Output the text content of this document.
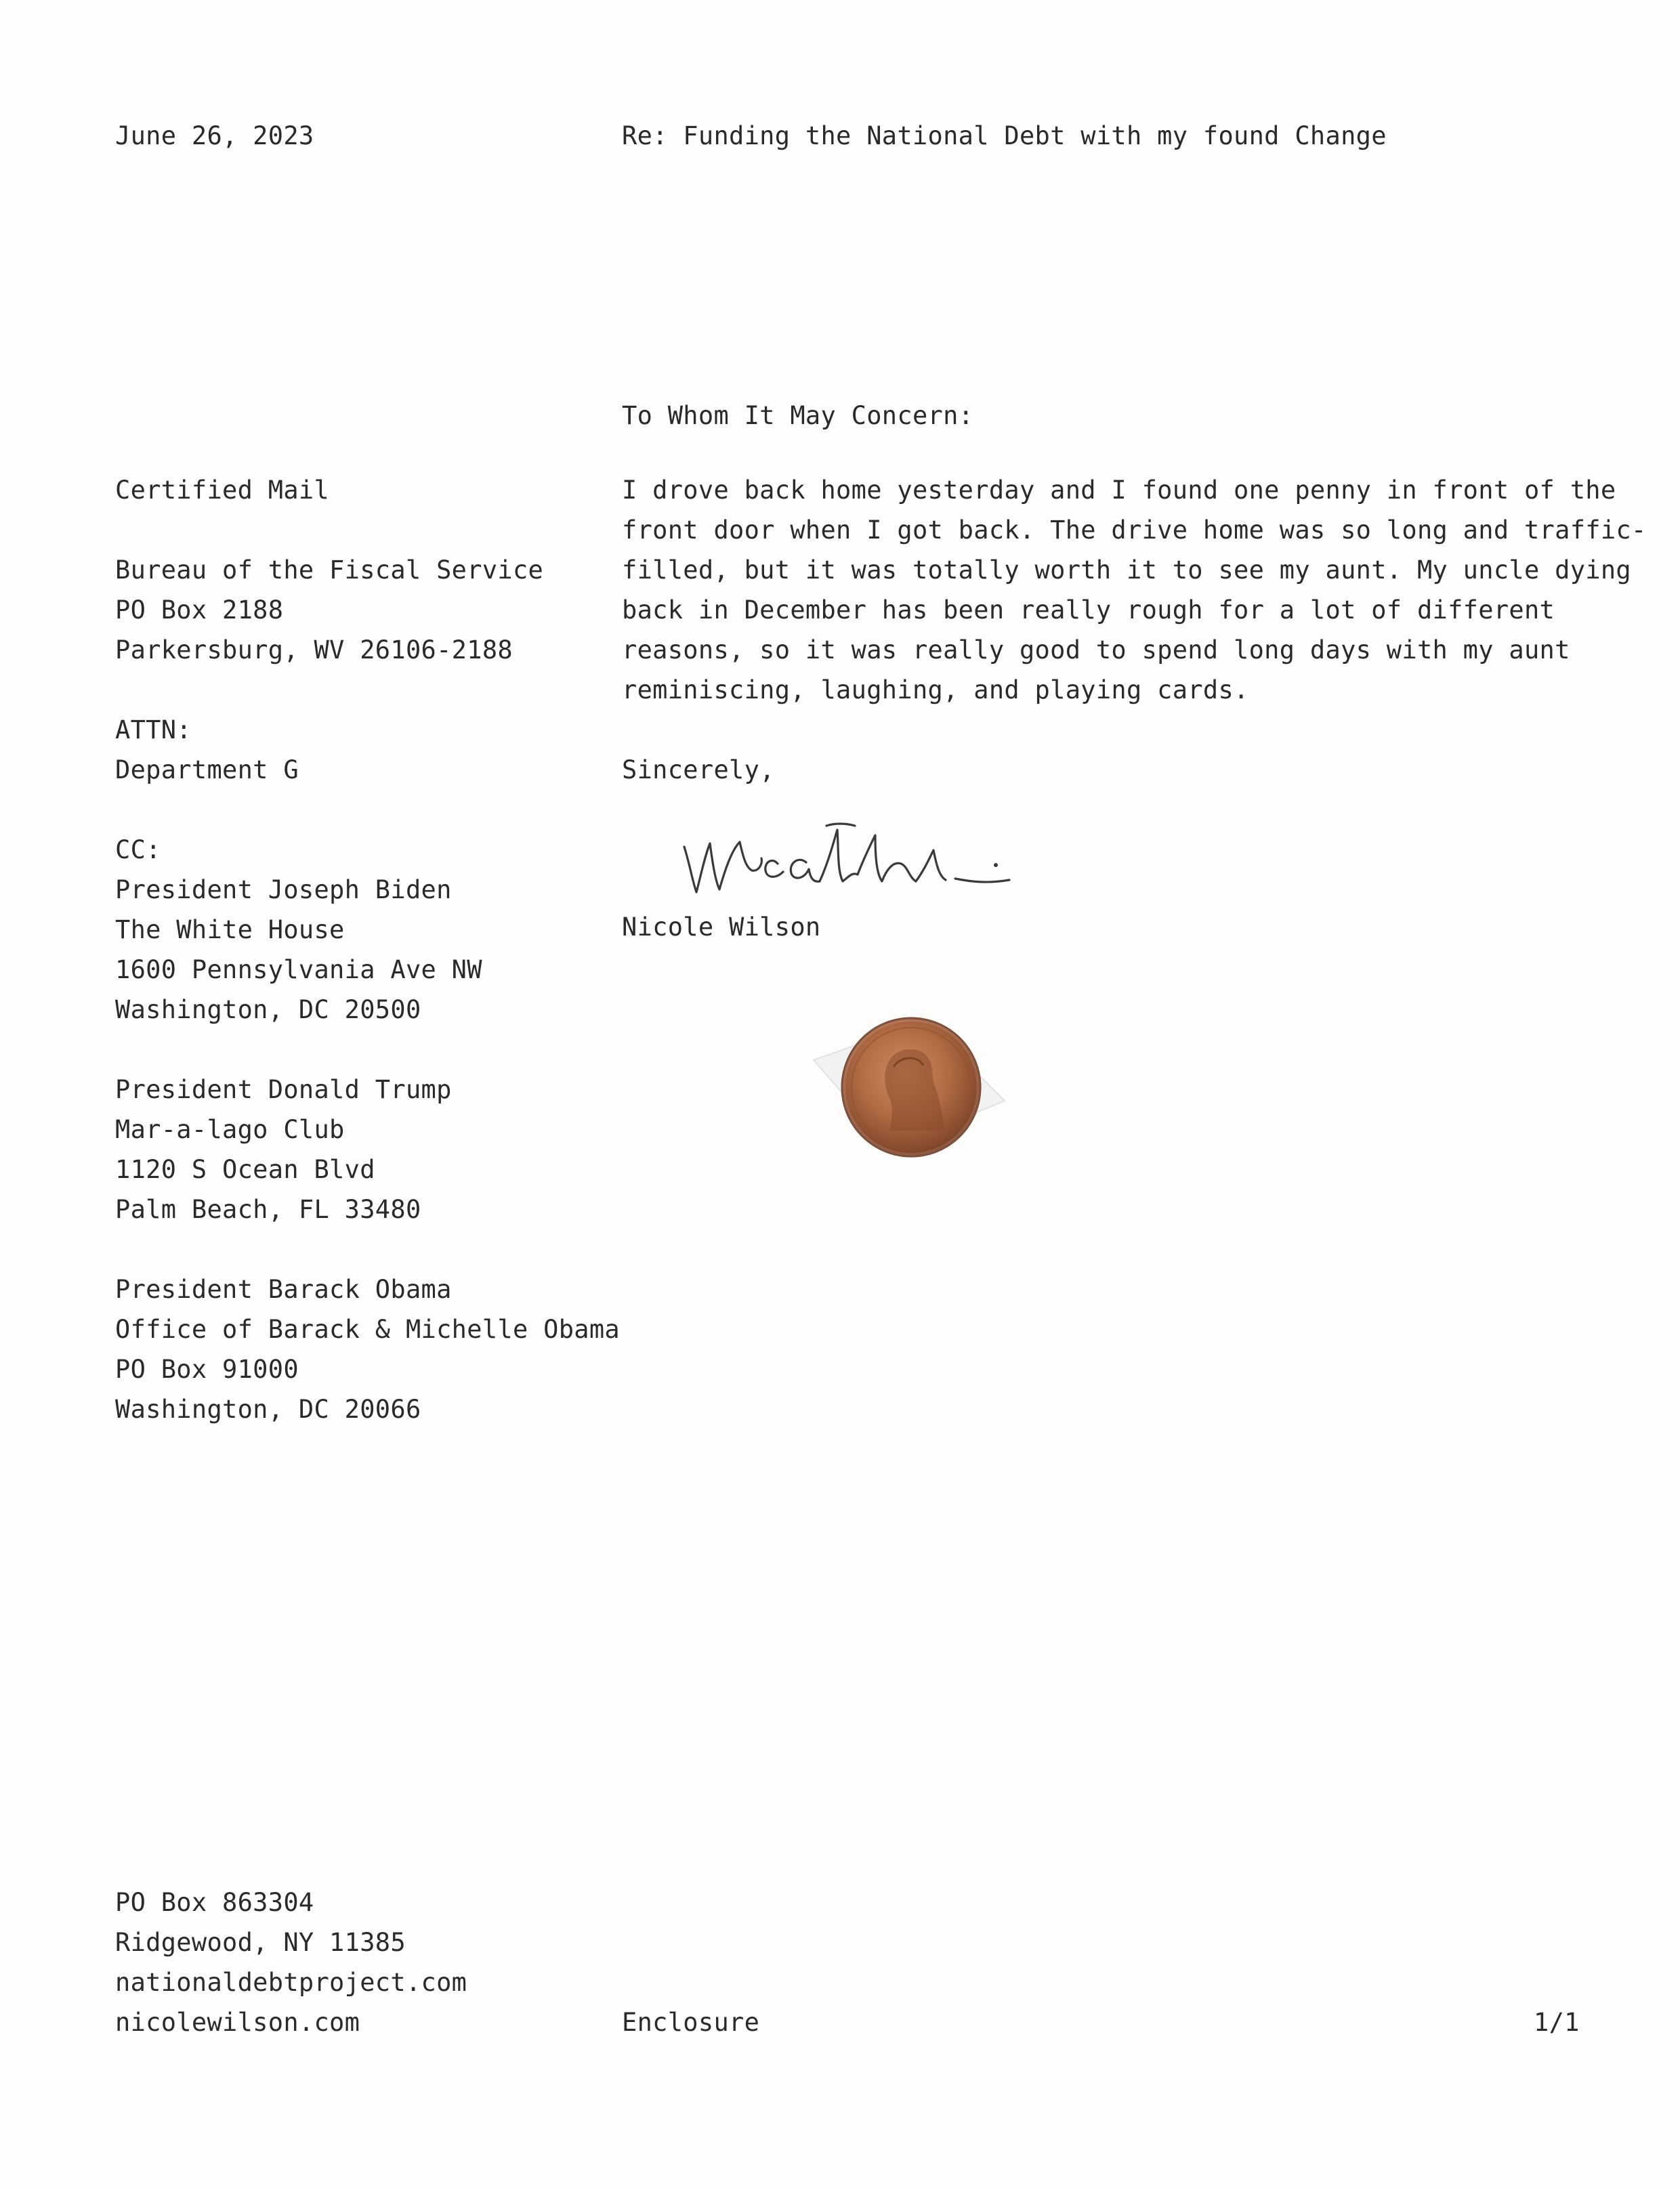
June 26, 2023	Re: Funding the National Debt with my found Change
To Whom It May Concern:
Certified Mail
Bureau of the Fiscal Service
PO Box 2188
Parkersburg, WV 26106-2188
ATTN:
Department G
CC:
President Joseph Biden
The White House
1600 Pennsylvania Ave NW
Washington, DC 20500
President Donald Trump
Mar-a-lago Club
1120 S Ocean Blvd
Palm Beach, FL 33480
President Barack Obama
Office of Barack & Michelle Obama
PO Box 91000
Washington, DC 20066
I drove back home yesterday and I found one penny in front of the
front door when I got back. The drive home was so long and traffic-
filled, but it was totally worth it to see my aunt. My uncle dying
back in December has been really rough for a lot of different
reasons, so it was really good to spend long days with my aunt
reminiscing, laughing, and playing cards.
Sincerely,
Nicole Wilson
PO Box 863304
Ridgewood, NY 11385
nationaldebtproject.com
nicolewilson.com	Enclosure	1/1
